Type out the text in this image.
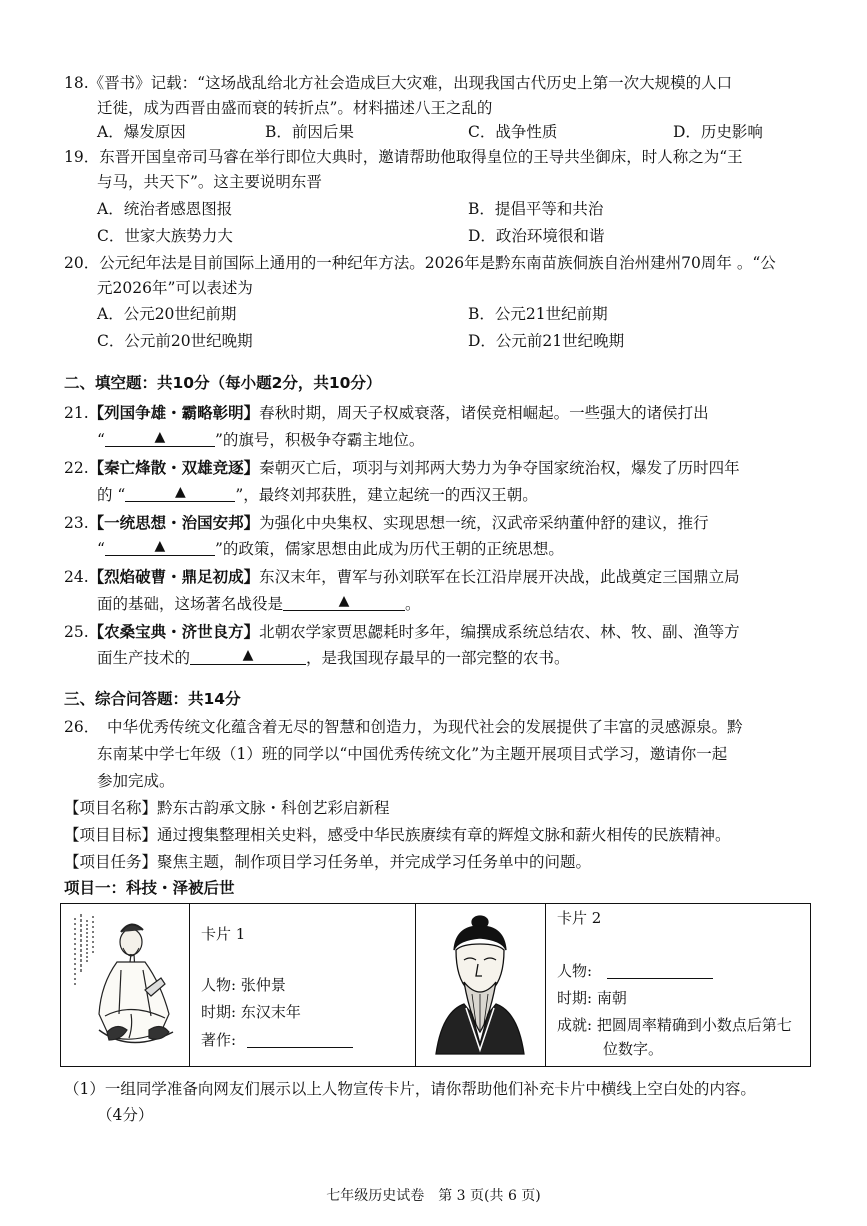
18.《晋书》记载：“这场战乱给北方社会造成巨大灾难，出现我国古代历史上第一次大规模的人口
迁徙，成为西晋由盛而衰的转折点”。材料描述八王之乱的
A．爆发原因	B．前因后果	C．战争性质	D．历史影响
19．东晋开国皇帝司马睿在举行即位大典时，邀请帮助他取得皇位的王导共坐御床，时人称之为“王
与马，共天下”。这主要说明东晋
A．统治者感恩图报	B．提倡平等和共治
C．世家大族势力大	D．政治环境很和谐
20．公元纪年法是目前国际上通用的一种纪年方法。2026年是黔东南苗族侗族自治州建州70周年 。“公
元2026年”可以表述为
A．公元20世纪前期	B．公元21世纪前期
C．公元前20世纪晚期	D．公元前21世纪晚期
二、填空题：共10分（每小题2分，共10分）
21.【列国争雄・霸略彰明】春秋时期，周天子权威衰落，诸侯竞相崛起。一些强大的诸侯打出
“	▲	”的旗号，积极争夺霸主地位。
22.【秦亡烽散・双雄竞逐】秦朝灭亡后，项羽与刘邦两大势力为争夺国家统治权，爆发了历时四年
的 “	▲	”，最终刘邦获胜，建立起统一的西汉王朝。
23.【一统思想・治国安邦】为强化中央集权、实现思想一统，汉武帝采纳董仲舒的建议，推行
“	▲	”的政策，儒家思想由此成为历代王朝的正统思想。
24.【烈焰破曹・鼎足初成】东汉末年，曹军与孙刘联军在长江沿岸展开决战，此战奠定三国鼎立局
面的基础，这场著名战役是	▲	。
25.【农桑宝典・济世良方】北朝农学家贾思勰耗时多年，编撰成系统总结农、林、牧、副、渔等方
面生产技术的	▲	，是我国现存最早的一部完整的农书。
三、综合问答题：共14分
26．　中华优秀传统文化蕴含着无尽的智慧和创造力，为现代社会的发展提供了丰富的灵感源泉。黔
东南某中学七年级（1）班的同学以“中国优秀传统文化”为主题开展项目式学习，邀请你一起
参加完成。
【项目名称】黔东古韵承文脉・科创艺彩启新程
【项目目标】通过搜集整理相关史料，感受中华民族赓续有章的辉煌文脉和薪火相传的民族精神。
【项目任务】聚焦主题，制作项目学习任务单，并完成学习任务单中的问题。
项目一：科技・泽被后世
卡片 1
人物: 张仲景
时期: 东汉末年
著作:
卡片 2
人物:
时期: 南朝
成就: 把圆周率精确到小数点后第七
位数字。
（1）一组同学准备向网友们展示以上人物宣传卡片，请你帮助他们补充卡片中横线上空白处的内容。
（4分）
七年级历史试卷　第 3 页(共 6 页)
